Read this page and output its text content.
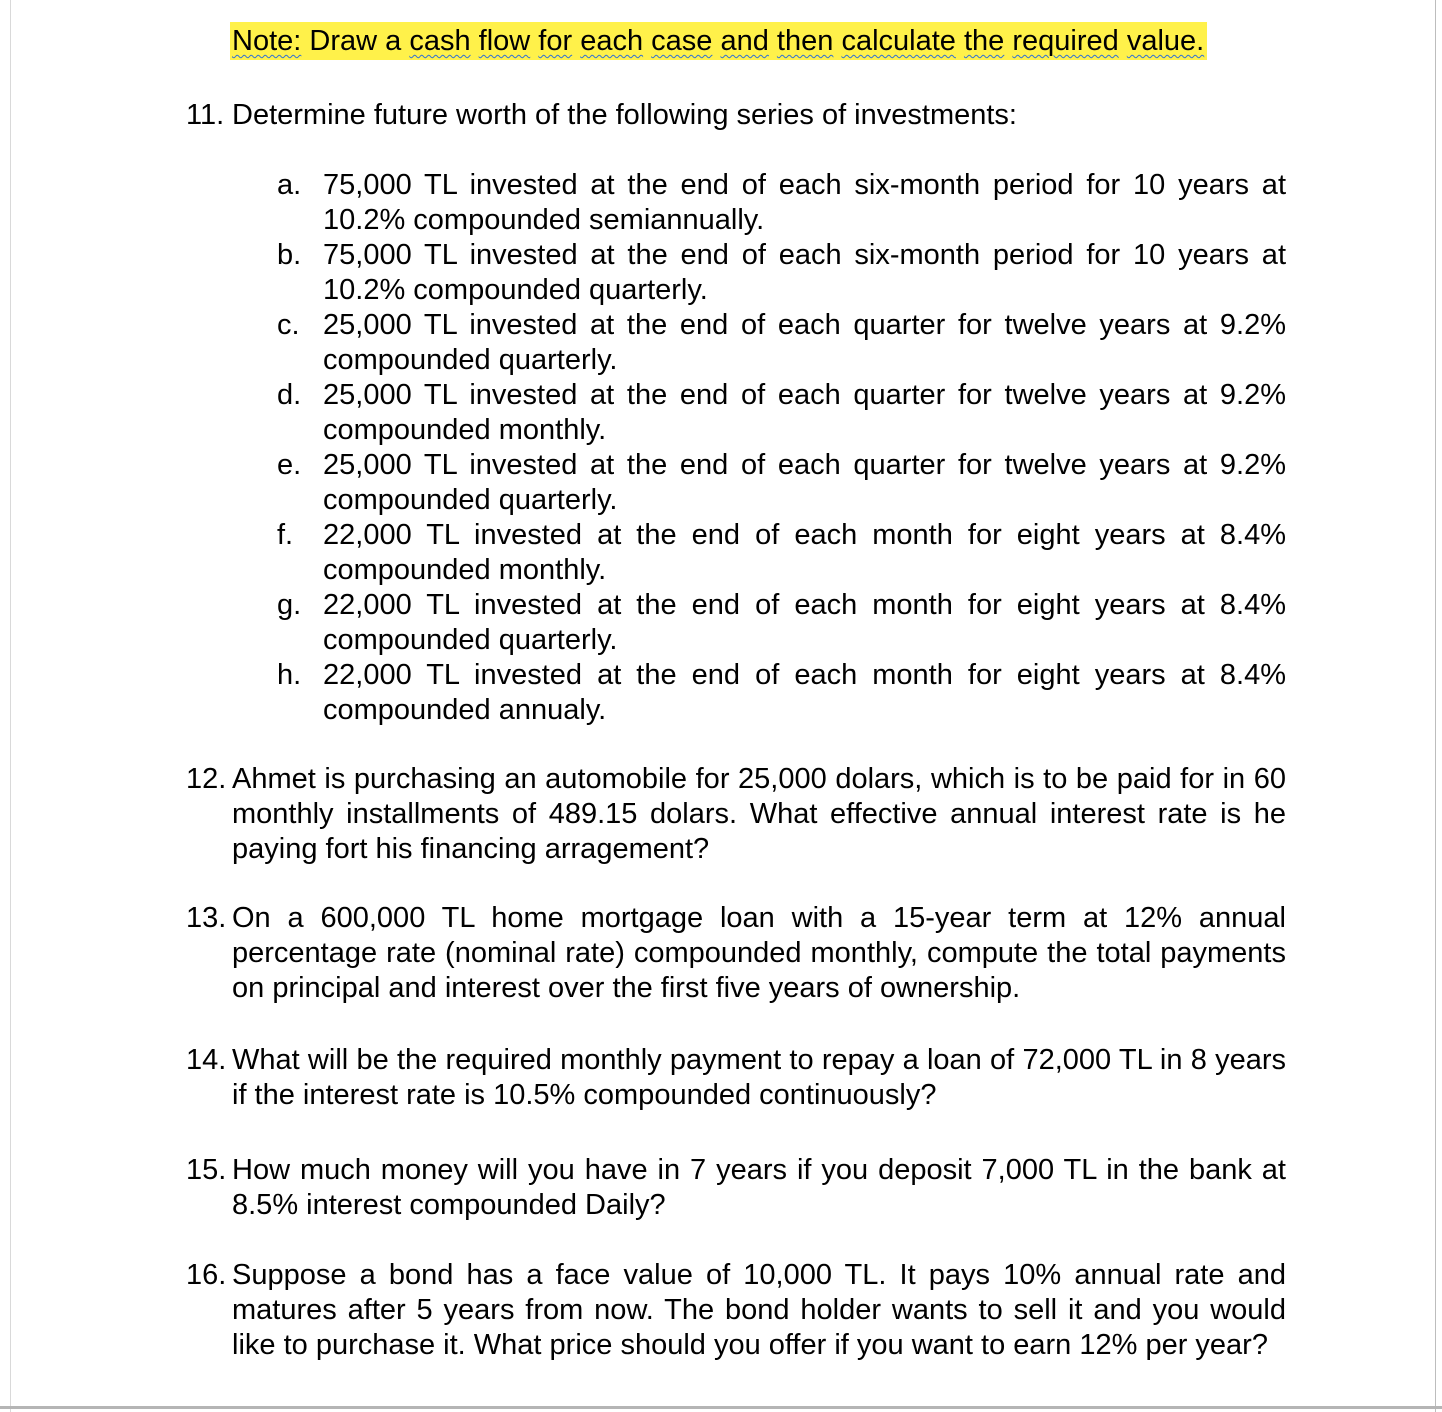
Note: Draw a cash flow for each case and then calculate the required value.
11. Determine future worth of the following series of investments:
a. 75,000 TL invested at the end of each six-month period for 10 years at 10.2% compounded semiannually.
b. 75,000 TL invested at the end of each six-month period for 10 years at 10.2% compounded quarterly.
c. 25,000 TL invested at the end of each quarter for twelve years at 9.2% compounded quarterly.
d. 25,000 TL invested at the end of each quarter for twelve years at 9.2% compounded monthly.
e. 25,000 TL invested at the end of each quarter for twelve years at 9.2% compounded quarterly.
f.	22,000 TL invested at the end of each month for eight years at 8.4% compounded monthly.
g. 22,000 TL invested at the end of each month for eight years at 8.4% compounded quarterly.
h. 22,000 TL invested at the end of each month for eight years at 8.4% compounded annualy.
12. Ahmet is purchasing an automobile for 25,000 dolars, which is to be paid for in 60 monthly installments of 489.15 dolars. What effective annual interest rate is he paying fort his financing arragement?
13. On a 600,000 TL home mortgage loan with a 15-year term at 12% annual percentage rate (nominal rate) compounded monthly, compute the total payments on principal and interest over the first five years of ownership.
14. What will be the required monthly payment to repay a loan of 72,000 TL in 8 years if the interest rate is 10.5% compounded continuously?
15. How much money will you have in 7 years if you deposit 7,000 TL in the bank at 8.5% interest compounded Daily?
16. Suppose a bond has a face value of 10,000 TL. It pays 10% annual rate and matures after 5 years from now. The bond holder wants to sell it and you would like to purchase it. What price should you offer if you want to earn 12% per year?
